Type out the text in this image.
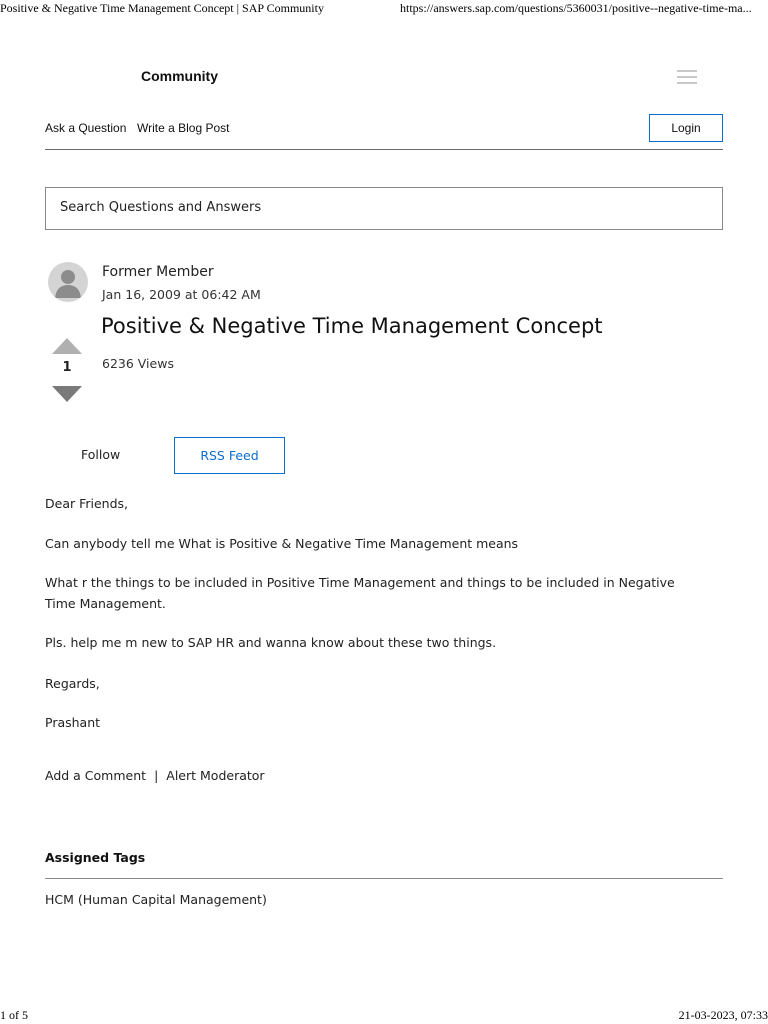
Positive & Negative Time Management Concept | SAP Community	https://answers.sap.com/questions/5360031/positive--negative-time-ma...
Community
Ask a Question Write a Blog Post	Login
Search Questions and Answers
Former Member
Jan 16, 2009 at 06:42 AM
1
Positive & Negative Time Management Concept
6236 Views
Follow	RSS Feed

Dear Friends,

Can anybody tell me What is Positive & Negative Time Management means

What r the things to be included in Positive Time Management and things to be included in Negative Time Management.

Pls. help me m new to SAP HR and wanna know about these two things.

Regards,

Prashant

Add a Comment | Alert Moderator
Assigned Tags
HCM (Human Capital Management)
1 of 5	21-03-2023, 07:33
